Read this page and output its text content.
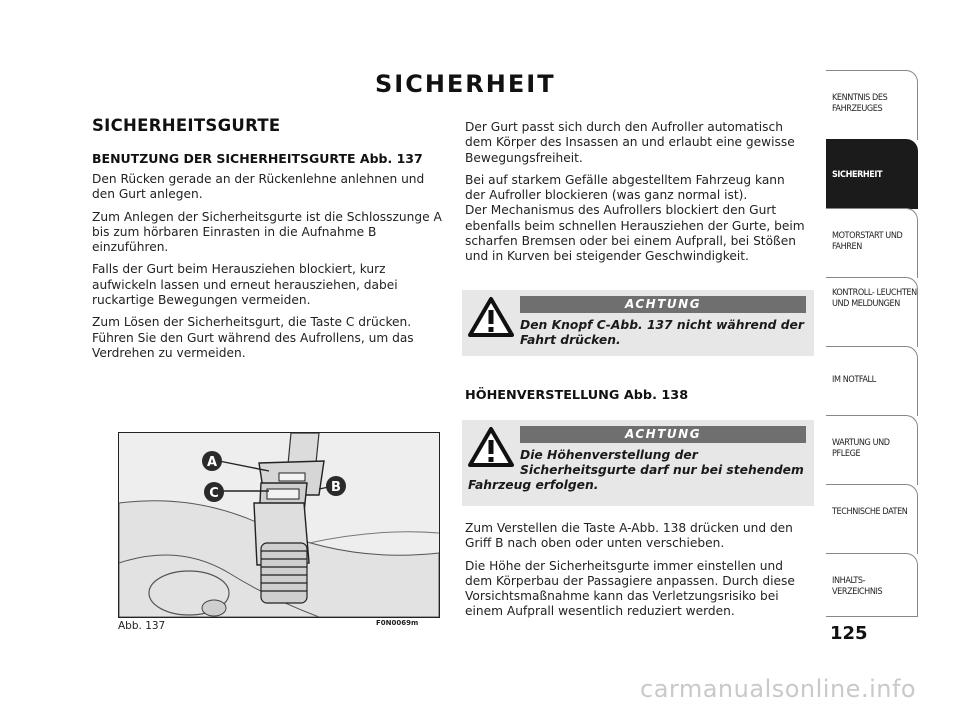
SICHERHEIT
SICHERHEITSGURTE
BENUTZUNG DER SICHERHEITSGURTE Abb. 137

Den Rücken gerade an der Rückenlehne anlehnen und den Gurt anlegen.

Zum Anlegen der Sicherheitsgurte ist die Schlosszunge A bis zum hörbaren Einrasten in die Aufnahme B einzuführen.

Falls der Gurt beim Herausziehen blockiert, kurz aufwickeln lassen und erneut herausziehen, dabei ruckartige Bewegungen vermeiden.

Zum Lösen der Sicherheitsgurt, die Taste C drücken. Führen Sie den Gurt während des Aufrollens, um das Verdrehen zu vermeiden.

A
C	B
Abb. 137	F0N0069m

Der Gurt passt sich durch den Aufroller automatisch dem Körper des Insassen an und erlaubt eine gewisse Bewegungsfreiheit.

Bei auf starkem Gefälle abgestelltem Fahrzeug kann der Aufroller blockieren (was ganz normal ist).

Der Mechanismus des Aufrollers blockiert den Gurt ebenfalls beim schnellen Herausziehen der Gurte, beim scharfen Bremsen oder bei einem Aufprall, bei Stößen und in Kurven bei steigender Geschwindigkeit.

ACHTUNG
Den Knopf C-Abb. 137 nicht während der Fahrt drücken.
HÖHENVERSTELLUNG Abb. 138
ACHTUNG
Die Höhenverstellung der Sicherheitsgurte darf nur bei stehendem
Fahrzeug erfolgen.

Zum Verstellen die Taste A-Abb. 138 drücken und den Griff B nach oben oder unten verschieben.

Die Höhe der Sicherheitsgurte immer einstellen und dem Körperbau der Passagiere anpassen. Durch diese Vorsichtsmaßnahme kann das Verletzungsrisiko bei einem Aufprall wesentlich reduziert werden.

KENNTNIS DES FAHRZEUGES
SICHERHEIT
MOTORSTART UND FAHREN
KONTROLL- LEUCHTEN UND MELDUNGEN
IM NOTFALL
WARTUNG UND PFLEGE
TECHNISCHE DATEN
INHALTS- VERZEICHNIS
125
carmanualsonline.info
